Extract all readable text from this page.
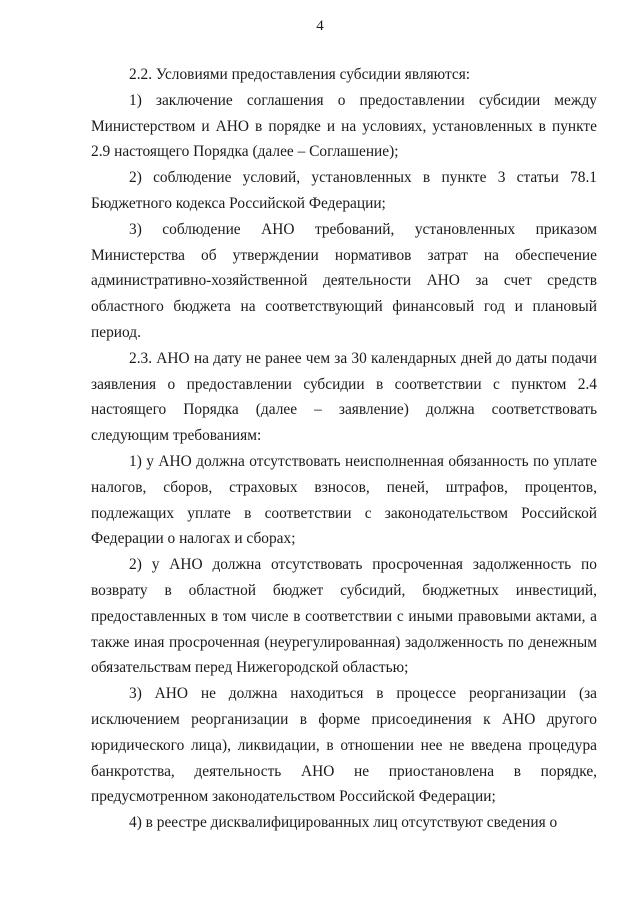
4

2.2. Условиями предоставления субсидии являются:

1) заключение соглашения о предоставлении субсидии между Министерством и АНО в порядке и на условиях, установленных в пункте 2.9 настоящего Порядка (далее – Соглашение);

2) соблюдение условий, установленных в пункте 3 статьи 78.1 Бюджетного кодекса Российской Федерации;

3) соблюдение АНО требований, установленных приказом Министерства об утверждении нормативов затрат на обеспечение административно-хозяйственной деятельности АНО за счет средств областного бюджета на соответствующий финансовый год и плановый период.

2.3. АНО на дату не ранее чем за 30 календарных дней до даты подачи заявления о предоставлении субсидии в соответствии с пунктом 2.4 настоящего Порядка (далее – заявление) должна соответствовать следующим требованиям:

1) у АНО должна отсутствовать неисполненная обязанность по уплате налогов, сборов, страховых взносов, пеней, штрафов, процентов, подлежащих уплате в соответствии с законодательством Российской Федерации о налогах и сборах;

2) у АНО должна отсутствовать просроченная задолженность по возврату в областной бюджет субсидий, бюджетных инвестиций, предоставленных в том числе в соответствии с иными правовыми актами, а также иная просроченная (неурегулированная) задолженность по денежным обязательствам перед Нижегородской областью;

3) АНО не должна находиться в процессе реорганизации (за исключением реорганизации в форме присоединения к АНО другого юридического лица), ликвидации, в отношении нее не введена процедура банкротства, деятельность АНО не приостановлена в порядке, предусмотренном законодательством Российской Федерации;

4) в реестре дисквалифицированных лиц отсутствуют сведения о
